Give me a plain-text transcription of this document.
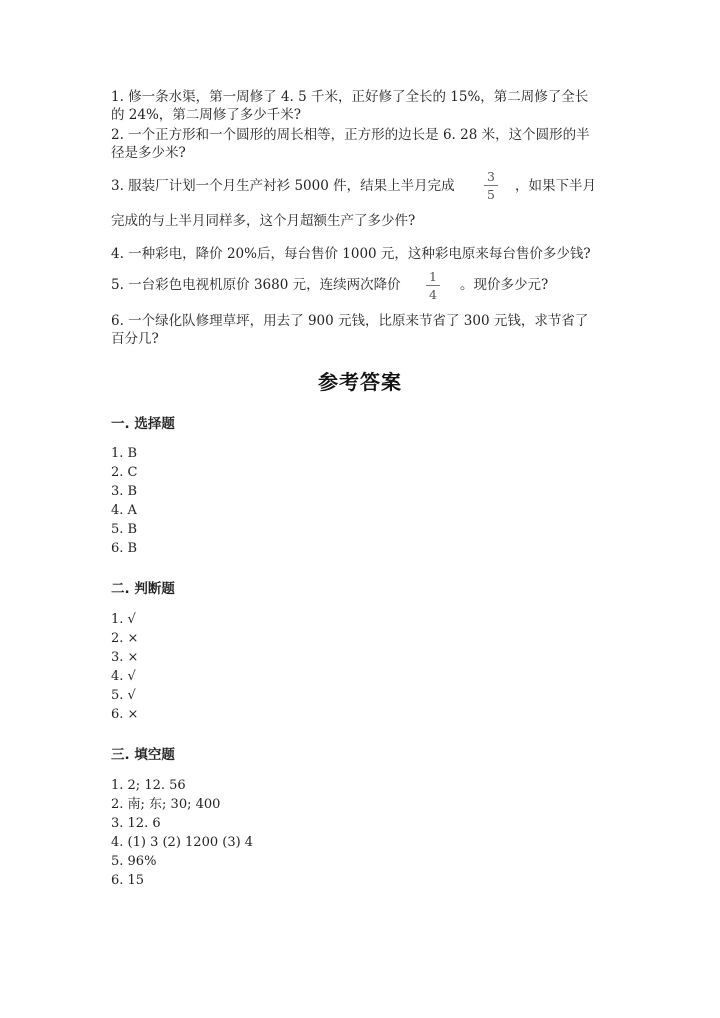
1. 修一条水渠，第一周修了 4. 5 千米，正好修了全长的 15%，第二周修了全长
的 24%，第二周修了多少千米?
2. 一个正方形和一个圆形的周长相等，正方形的边长是 6. 28 米，这个圆形的半
径是多少米?
3. 服装厂计划一个月生产衬衫 5000 件，结果上半月完成
3
5
，如果下半月
完成的与上半月同样多，这个月超额生产了多少件?
4. 一种彩电，降价 20%后，每台售价 1000 元，这种彩电原来每台售价多少钱?
5. 一台彩色电视机原价 3680 元，连续两次降价
1
4
。现价多少元?
6. 一个绿化队修理草坪，用去了 900 元钱，比原来节省了 300 元钱，求节省了
百分几?
参考答案
一. 选择题
1. B
2. C
3. B
4. A
5. B
6. B
二. 判断题
1. √
2. ×
3. ×
4. √
5. √
6. ×
三. 填空题
1. 2; 12. 56
2. 南; 东; 30; 400
3. 12. 6
4. (1) 3 (2) 1200 (3) 4
5. 96%
6. 15
